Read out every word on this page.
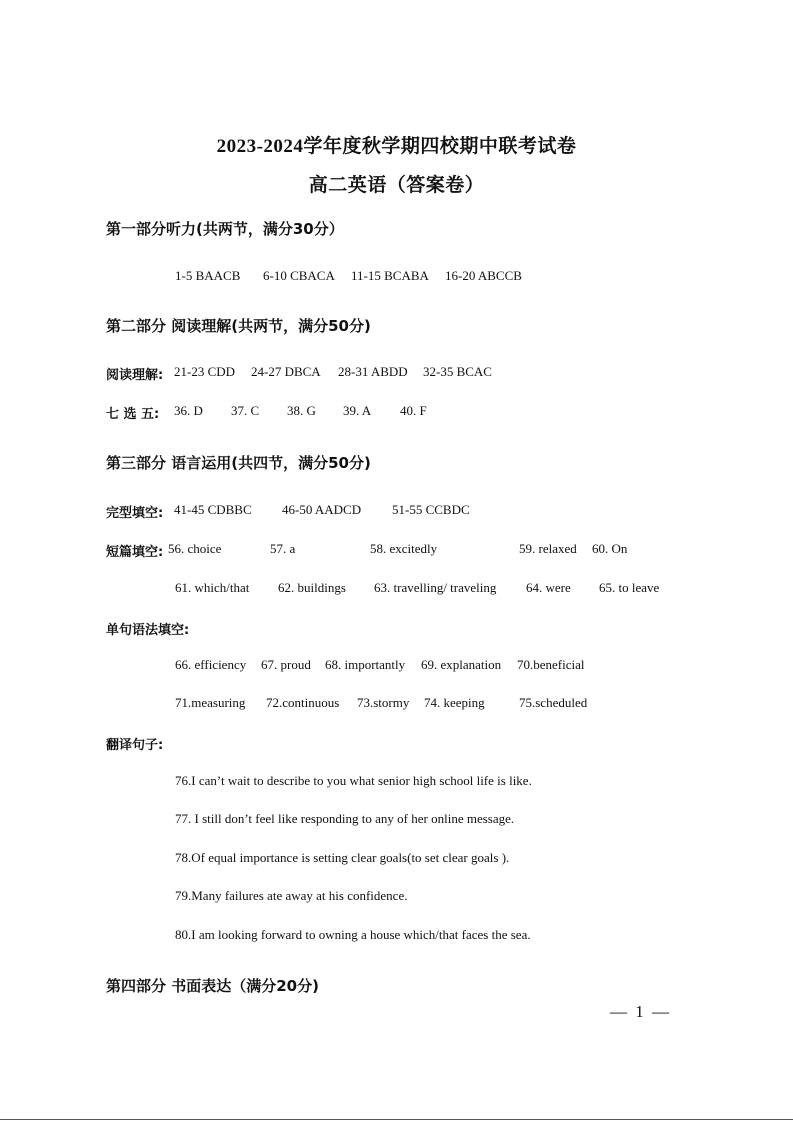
2023-2024学年度秋学期四校期中联考试卷
高二英语（答案卷）
第一部分听力(共两节，满分30分）
1-5 BAACB 6-10 CBACA 11-15 BCABA 16-20 ABCCB
第二部分 阅读理解(共两节，满分50分)
阅读理解: 21-23 CDD 24-27 DBCA 28-31 ABDD 32-35 BCAC
七 选 五: 36. D 37. C 38. G 39. A 40. F
第三部分 语言运用(共四节，满分50分)
完型填空: 41-45 CDBBC 46-50 AADCD 51-55 CCBDC
短篇填空: 56. choice	57. a	58. excitedly	59. relaxed 60. On
61. which/that 62. buildings 63. travelling/ traveling 64. were 65. to leave
单句语法填空:
66. efficiency 67. proud 68. importantly 69. explanation 70.beneficial
71.measuring 72.continuous 73.stormy 74. keeping	75.scheduled
翻译句子:
76.I can’t wait to describe to you what senior high school life is like.
77. I still don’t feel like responding to any of her online message.
78.Of equal importance is setting clear goals(to set clear goals ).
79.Many failures ate away at his confidence.
80.I am looking forward to owning a house which/that faces the sea.
第四部分 书面表达（满分20分)
— 1 —
